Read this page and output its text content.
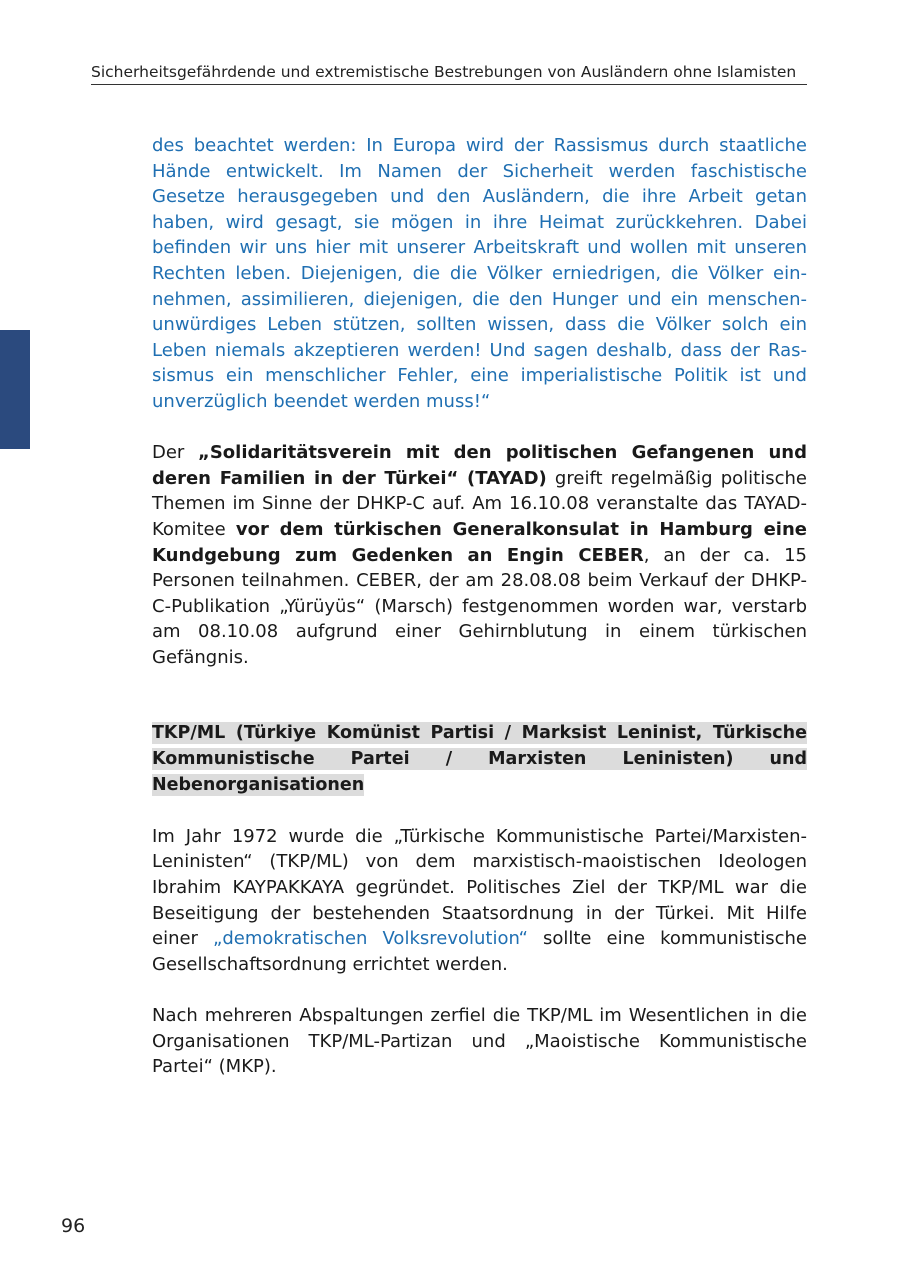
Sicherheitsgefährdende und extremistische Bestrebungen von Ausländern ohne Islamisten

des beachtet werden: In Europa wird der Rassismus durch staatliche Hände entwickelt. Im Namen der Sicherheit werden faschistische Gesetze herausgegeben und den Ausländern, die ihre Arbeit getan haben, wird gesagt, sie mögen in ihre Heimat zurückkehren. Dabei befinden wir uns hier mit unserer Arbeitskraft und wollen mit unseren Rechten leben. Diejenigen, die die Völker erniedrigen, die Völker einnehmen, assimilieren, diejenigen, die den Hunger und ein menschenunwürdiges Leben stützen, sollten wissen, dass die Völker solch ein Leben niemals akzeptieren werden! Und sagen deshalb, dass der Rassismus ein menschlicher Fehler, eine imperialistische Politik ist und unverzüglich beendet werden muss!“

Der „Solidaritätsverein mit den politischen Gefangenen und deren Familien in der Türkei“ (TAYAD) greift regelmäßig politische Themen im Sinne der DHKP-C auf. Am 16.10.08 veranstalte das TAYAD-Komitee vor dem türkischen Generalkonsulat in Hamburg eine Kundgebung zum Gedenken an Engin CEBER, an der ca. 15 Personen teilnahmen. CEBER, der am 28.08.08 beim Verkauf der DHKP-C-Publikation „Yürüyüs“ (Marsch) festgenommen worden war, verstarb am 08.10.08 aufgrund einer Gehirnblutung in einem türkischen Gefängnis.

TKP/ML (Türkiye Komünist Partisi / Marksist Leninist, Türkische Kommunistische Partei / Marxisten Leninisten) und Nebenorganisationen

Im Jahr 1972 wurde die „Türkische Kommunistische Partei/Marxisten-Leninisten“ (TKP/ML) von dem marxistisch-maoistischen Ideologen Ibrahim KAYPAKKAYA gegründet. Politisches Ziel der TKP/ML war die Beseitigung der bestehenden Staatsordnung in der Türkei. Mit Hilfe einer „demokratischen Volksrevolution“ sollte eine kommunistische Gesellschaftsordnung errichtet werden.

Nach mehreren Abspaltungen zerfiel die TKP/ML im Wesentlichen in die Organisationen TKP/ML-Partizan und „Maoistische Kommunistische Partei“ (MKP).

96
